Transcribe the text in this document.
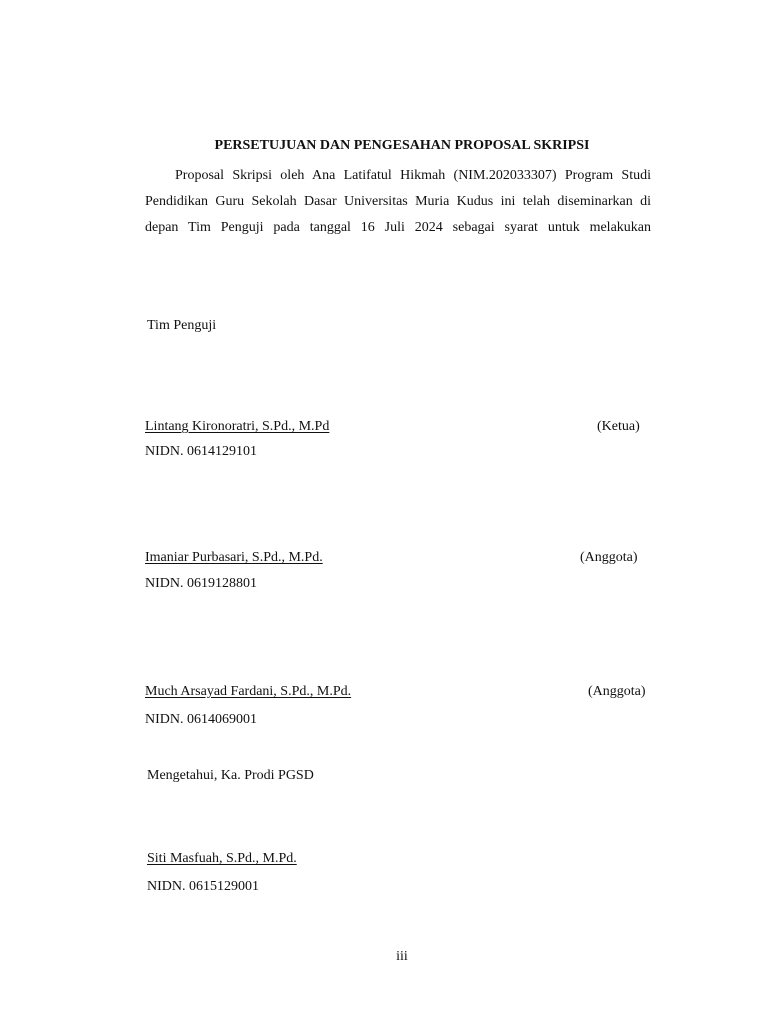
PERSETUJUAN DAN PENGESAHAN PROPOSAL SKRIPSI
Proposal Skripsi oleh Ana Latifatul Hikmah (NIM.202033307) Program Studi
Pendidikan Guru Sekolah Dasar Universitas Muria Kudus ini telah diseminarkan di
depan Tim Penguji pada tanggal 16 Juli 2024 sebagai syarat untuk melakukan
Tim Penguji
Lintang Kironoratri, S.Pd., M.Pd	(Ketua)
NIDN. 0614129101
Imaniar Purbasari, S.Pd., M.Pd.	(Anggota)
NIDN. 0619128801
Much Arsayad Fardani, S.Pd., M.Pd.	(Anggota)
NIDN. 0614069001
Mengetahui, Ka. Prodi PGSD
Siti Masfuah, S.Pd., M.Pd.
NIDN. 0615129001
iii
